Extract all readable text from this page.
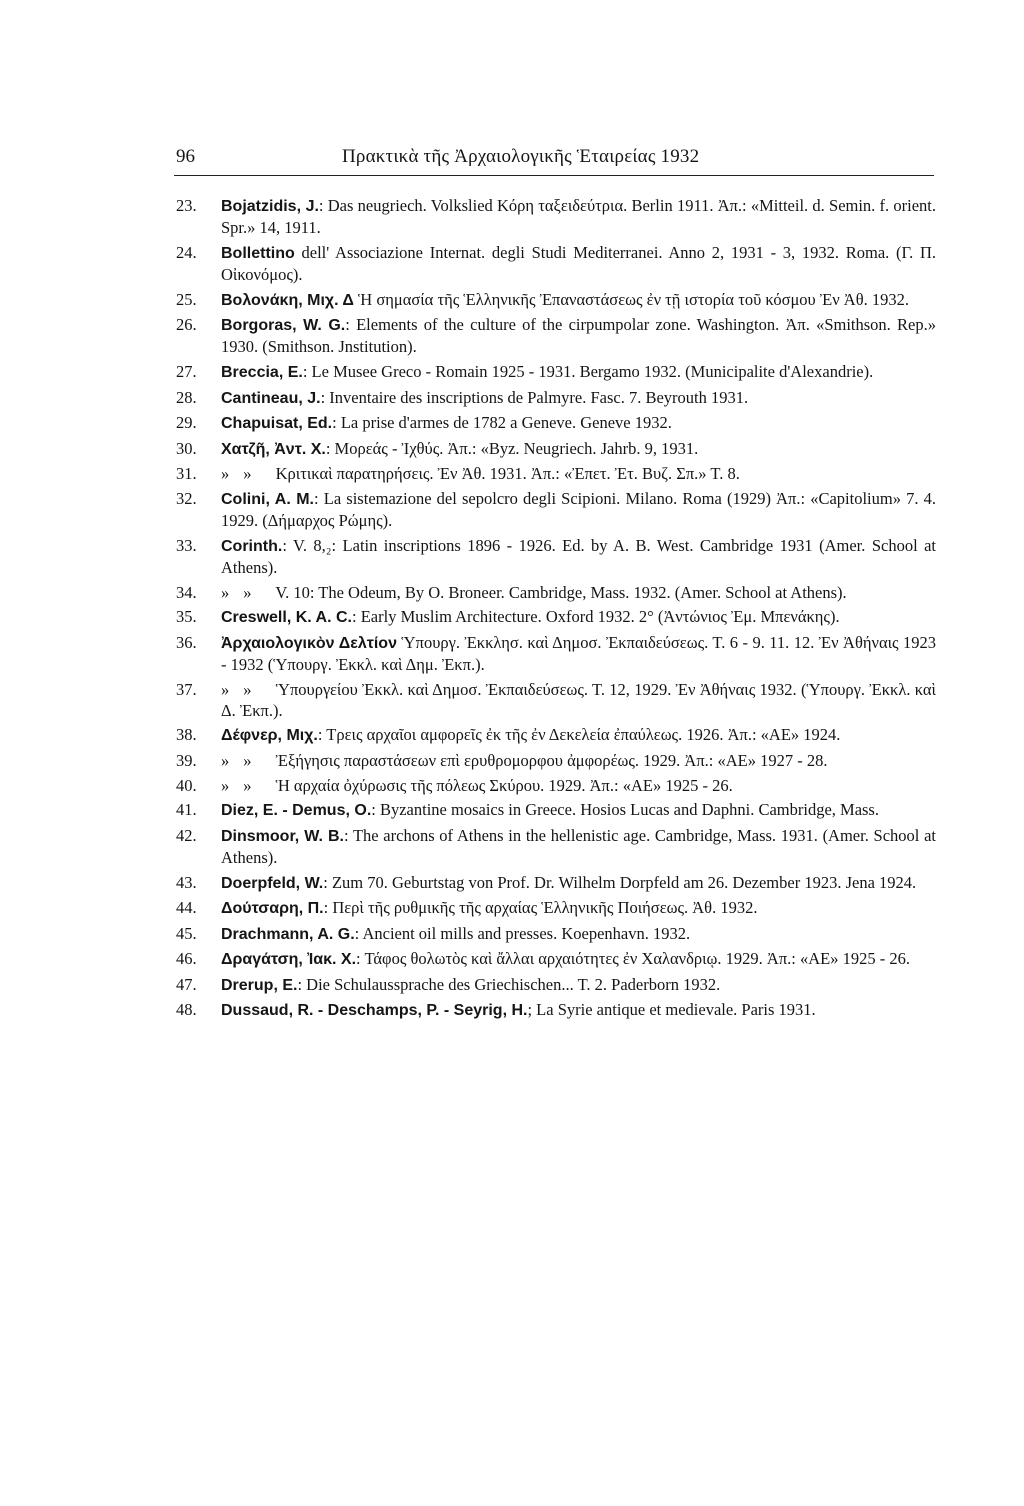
96	Πρακτικὰ τῆς Ἀρχαιολογικῆς Ἑταιρείας 1932
23. Bojatzidis, J.: Das neugriech. Volkslied Κόρη ταξειδεύτρια. Berlin 1911. Ἀπ.: «Mitteil. d. Semin. f. orient. Spr.» 14, 1911.
24. Bollettino dell' Associazione Internat. degli Studi Mediterranei. Anno 2, 1931 - 3, 1932. Roma. (Γ. Π. Οἰκονόμος).
25. Βολονάκη, Μιχ. Δ Ἡ σημασία τῆς Ἑλληνικῆς Ἐπαναστάσεως ἐν τῇ ιστορία τοῦ κόσμου Ἐν Ἀθ. 1932.
26. Borgoras, W. G.: Elements of the culture of the cirpumpolar zone. Washington. Ἀπ. «Smithson. Rep.» 1930. (Smithson. Jnstitution).
27. Breccia, E.: Le Musee Greco - Romain 1925 - 1931. Bergamo 1932. (Municipalite d'Alexandrie).
28. Cantineau, J.: Inventaire des inscriptions de Palmyre. Fasc. 7. Beyrouth 1931.
29. Chapuisat, Ed.: La prise d'armes de 1782 a Geneve. Geneve 1932.
30. Χατζῆ, Ἀντ. Χ.: Μορεάς - Ἰχθύς. Ἀπ.: «Byz. Neugriech. Jahrb. 9, 1931.
31. »» Κριτικαὶ παρατηρήσεις. Ἐν Ἀθ. 1931. Ἀπ.: «Ἐπετ. Ἐτ. Βυζ. Σπ.» Τ. 8.
32. Colini, A. M.: La sistemazione del sepolcro degli Scipioni. Milano. Roma (1929) Ἀπ.: «Capitolium» 7. 4. 1929. (Δήμαρχος Ρώμης).
33. Corinth.: V. 8,₂: Latin inscriptions 1896 - 1926. Ed. by A. B. West. Cambridge 1931 (Amer. School at Athens).
34. »» V. 10: The Odeum, By O. Broneer. Cambridge, Mass. 1932. (Amer. School at Athens).
35. Creswell, K. A. C.: Early Muslim Architecture. Oxford 1932. 2° (Ἀντώνιος Ἐμ. Μπενάκης).
36. Ἀρχαιολογικὸν Δελτίον Ὑπουργ. Ἐκκλησ. καὶ Δημοσ. Ἐκπαιδεύσεως. Τ. 6 - 9. 11. 12. Ἐν Ἀθήναις 1923 - 1932 (Ὑπουργ. Ἐκκλ. καὶ Δημ. Ἐκπ.).
37. »» Ὑπουργείου Ἐκκλ. καὶ Δημοσ. Ἐκπαιδεύσεως. Τ. 12, 1929. Ἐν Ἀθήναις 1932. (Ὑπουργ. Ἐκκλ. καὶ Δ. Ἐκπ.).
38. Δέφνερ, Μιχ.: Τρεις αρχαῖοι αμφορεῖς ἐκ τῆς ἐν Δεκελεία ἐπαύλεως. 1926. Ἀπ.: «ΑΕ» 1924.
39. »» Ἐξήγησις παραστάσεων επὶ ερυθρομορφου ἀμφορέως. 1929. Ἀπ.: «ΑΕ» 1927 - 28.
40. »» Ἡ αρχαία ὀχύρωσις τῆς πόλεως Σκύρου. 1929. Ἀπ.: «ΑΕ» 1925 - 26.
41. Diez, E. - Demus, O.: Byzantine mosaics in Greece. Hosios Lucas and Daphni. Cambridge, Mass.
42. Dinsmoor, W. B.: The archons of Athens in the hellenistic age. Cambridge, Mass. 1931. (Amer. School at Athens).
43. Doerpfeld, W.: Zum 70. Geburtstag von Prof. Dr. Wilhelm Dorpfeld am 26. Dezember 1923. Jena 1924.
44. Δούτσαρη, Π.: Περὶ τῆς ρυθμικῆς τῆς αρχαίας Ἑλληνικῆς Ποιήσεως. Ἀθ. 1932.
45. Drachmann, A. G.: Ancient oil mills and presses. Koepenhavn. 1932.
46. Δραγάτση, Ἰακ. Χ.: Τάφος θολωτὸς καὶ ἄλλαι αρχαιότητες ἐν Χαλανδριῳ. 1929. Ἀπ.: «ΑΕ» 1925 - 26.
47. Drerup, E.: Die Schulaussprache des Griechischen... T. 2. Paderborn 1932.
48. Dussaud, R. - Deschamps, P. - Seyrig, H.; La Syrie antique et medievale. Paris 1931.
